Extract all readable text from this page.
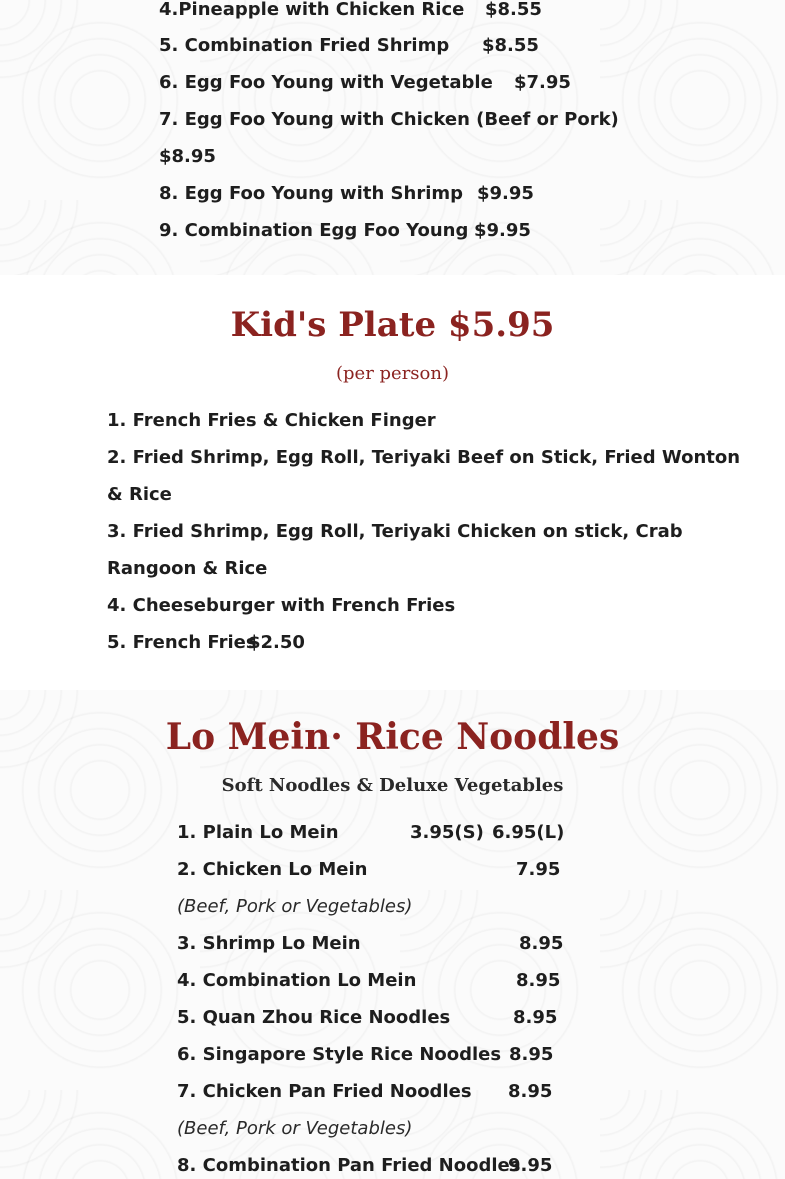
4.Pineapple with Chicken Rice $8.55

5. Combination Fried Shrimp $8.55

6. Egg Foo Young with Vegetable $7.95

7. Egg Foo Young with Chicken (Beef or Pork)

$8.95

8. Egg Foo Young with Shrimp $9.95

9. Combination Egg Foo Young $9.95

Kid's Plate $5.95

(per person)

1. French Fries & Chicken Finger

2. Fried Shrimp, Egg Roll, Teriyaki Beef on Stick, Fried Wonton

& Rice

3. Fried Shrimp, Egg Roll, Teriyaki Chicken on stick, Crab

Rangoon & Rice

4. Cheeseburger with French Fries

5. French Fries
$2.50

Lo Mein· Rice Noodles

Soft Noodles & Deluxe Vegetables

1. Plain Lo Mein	3.95(S) 6.95(L)

2. Chicken Lo Mein	7.95

(Beef, Pork or Vegetables)

3. Shrimp Lo Mein	8.95

4. Combination Lo Mein	8.95

5. Quan Zhou Rice Noodles	8.95

6. Singapore Style Rice Noodles 8.95

7. Chicken Pan Fried Noodles 8.95

(Beef, Pork or Vegetables)

8. Combination Pan Fried Noodles
9.95
